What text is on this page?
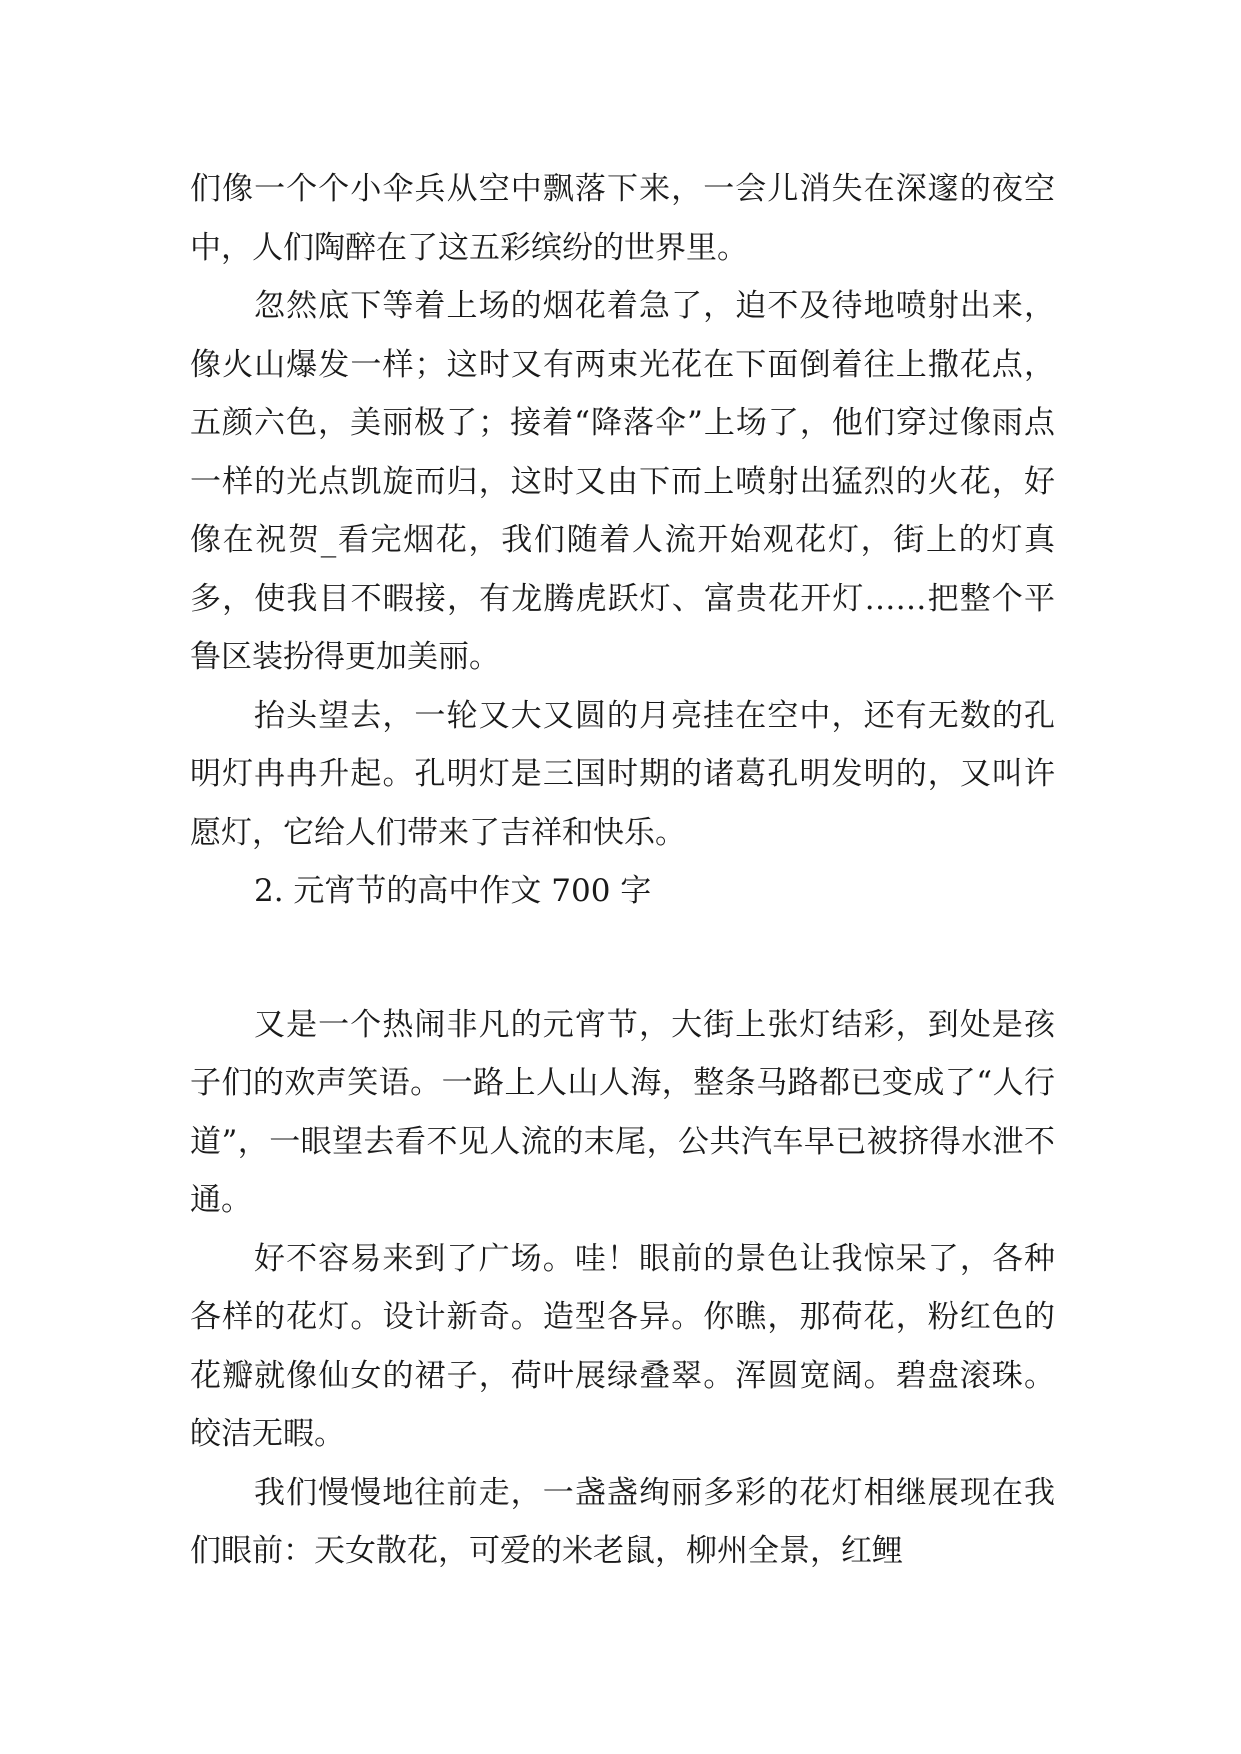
们像一个个小伞兵从空中飘落下来，一会儿消失在深邃的夜空中，人们陶醉在了这五彩缤纷的世界里。

忽然底下等着上场的烟花着急了，迫不及待地喷射出来，像火山爆发一样；这时又有两束光花在下面倒着往上撒花点，五颜六色，美丽极了；接着“降落伞”上场了，他们穿过像雨点一样的光点凯旋而归，这时又由下而上喷射出猛烈的火花，好像在祝贺_看完烟花，我们随着人流开始观花灯，街上的灯真多，使我目不暇接，有龙腾虎跃灯、富贵花开灯……把整个平鲁区装扮得更加美丽。

抬头望去，一轮又大又圆的月亮挂在空中，还有无数的孔明灯冉冉升起。孔明灯是三国时期的诸葛孔明发明的，又叫许愿灯，它给人们带来了吉祥和快乐。

2. 元宵节的高中作文 700 字

又是一个热闹非凡的元宵节，大街上张灯结彩，到处是孩子们的欢声笑语。一路上人山人海，整条马路都已变成了“人行道”，一眼望去看不见人流的末尾，公共汽车早已被挤得水泄不通。

好不容易来到了广场。哇！眼前的景色让我惊呆了，各种各样的花灯。设计新奇。造型各异。你瞧，那荷花，粉红色的花瓣就像仙女的裙子，荷叶展绿叠翠。浑圆宽阔。碧盘滚珠。皎洁无暇。

我们慢慢地往前走，一盏盏绚丽多彩的花灯相继展现在我们眼前：天女散花，可爱的米老鼠，柳州全景，红鲤
